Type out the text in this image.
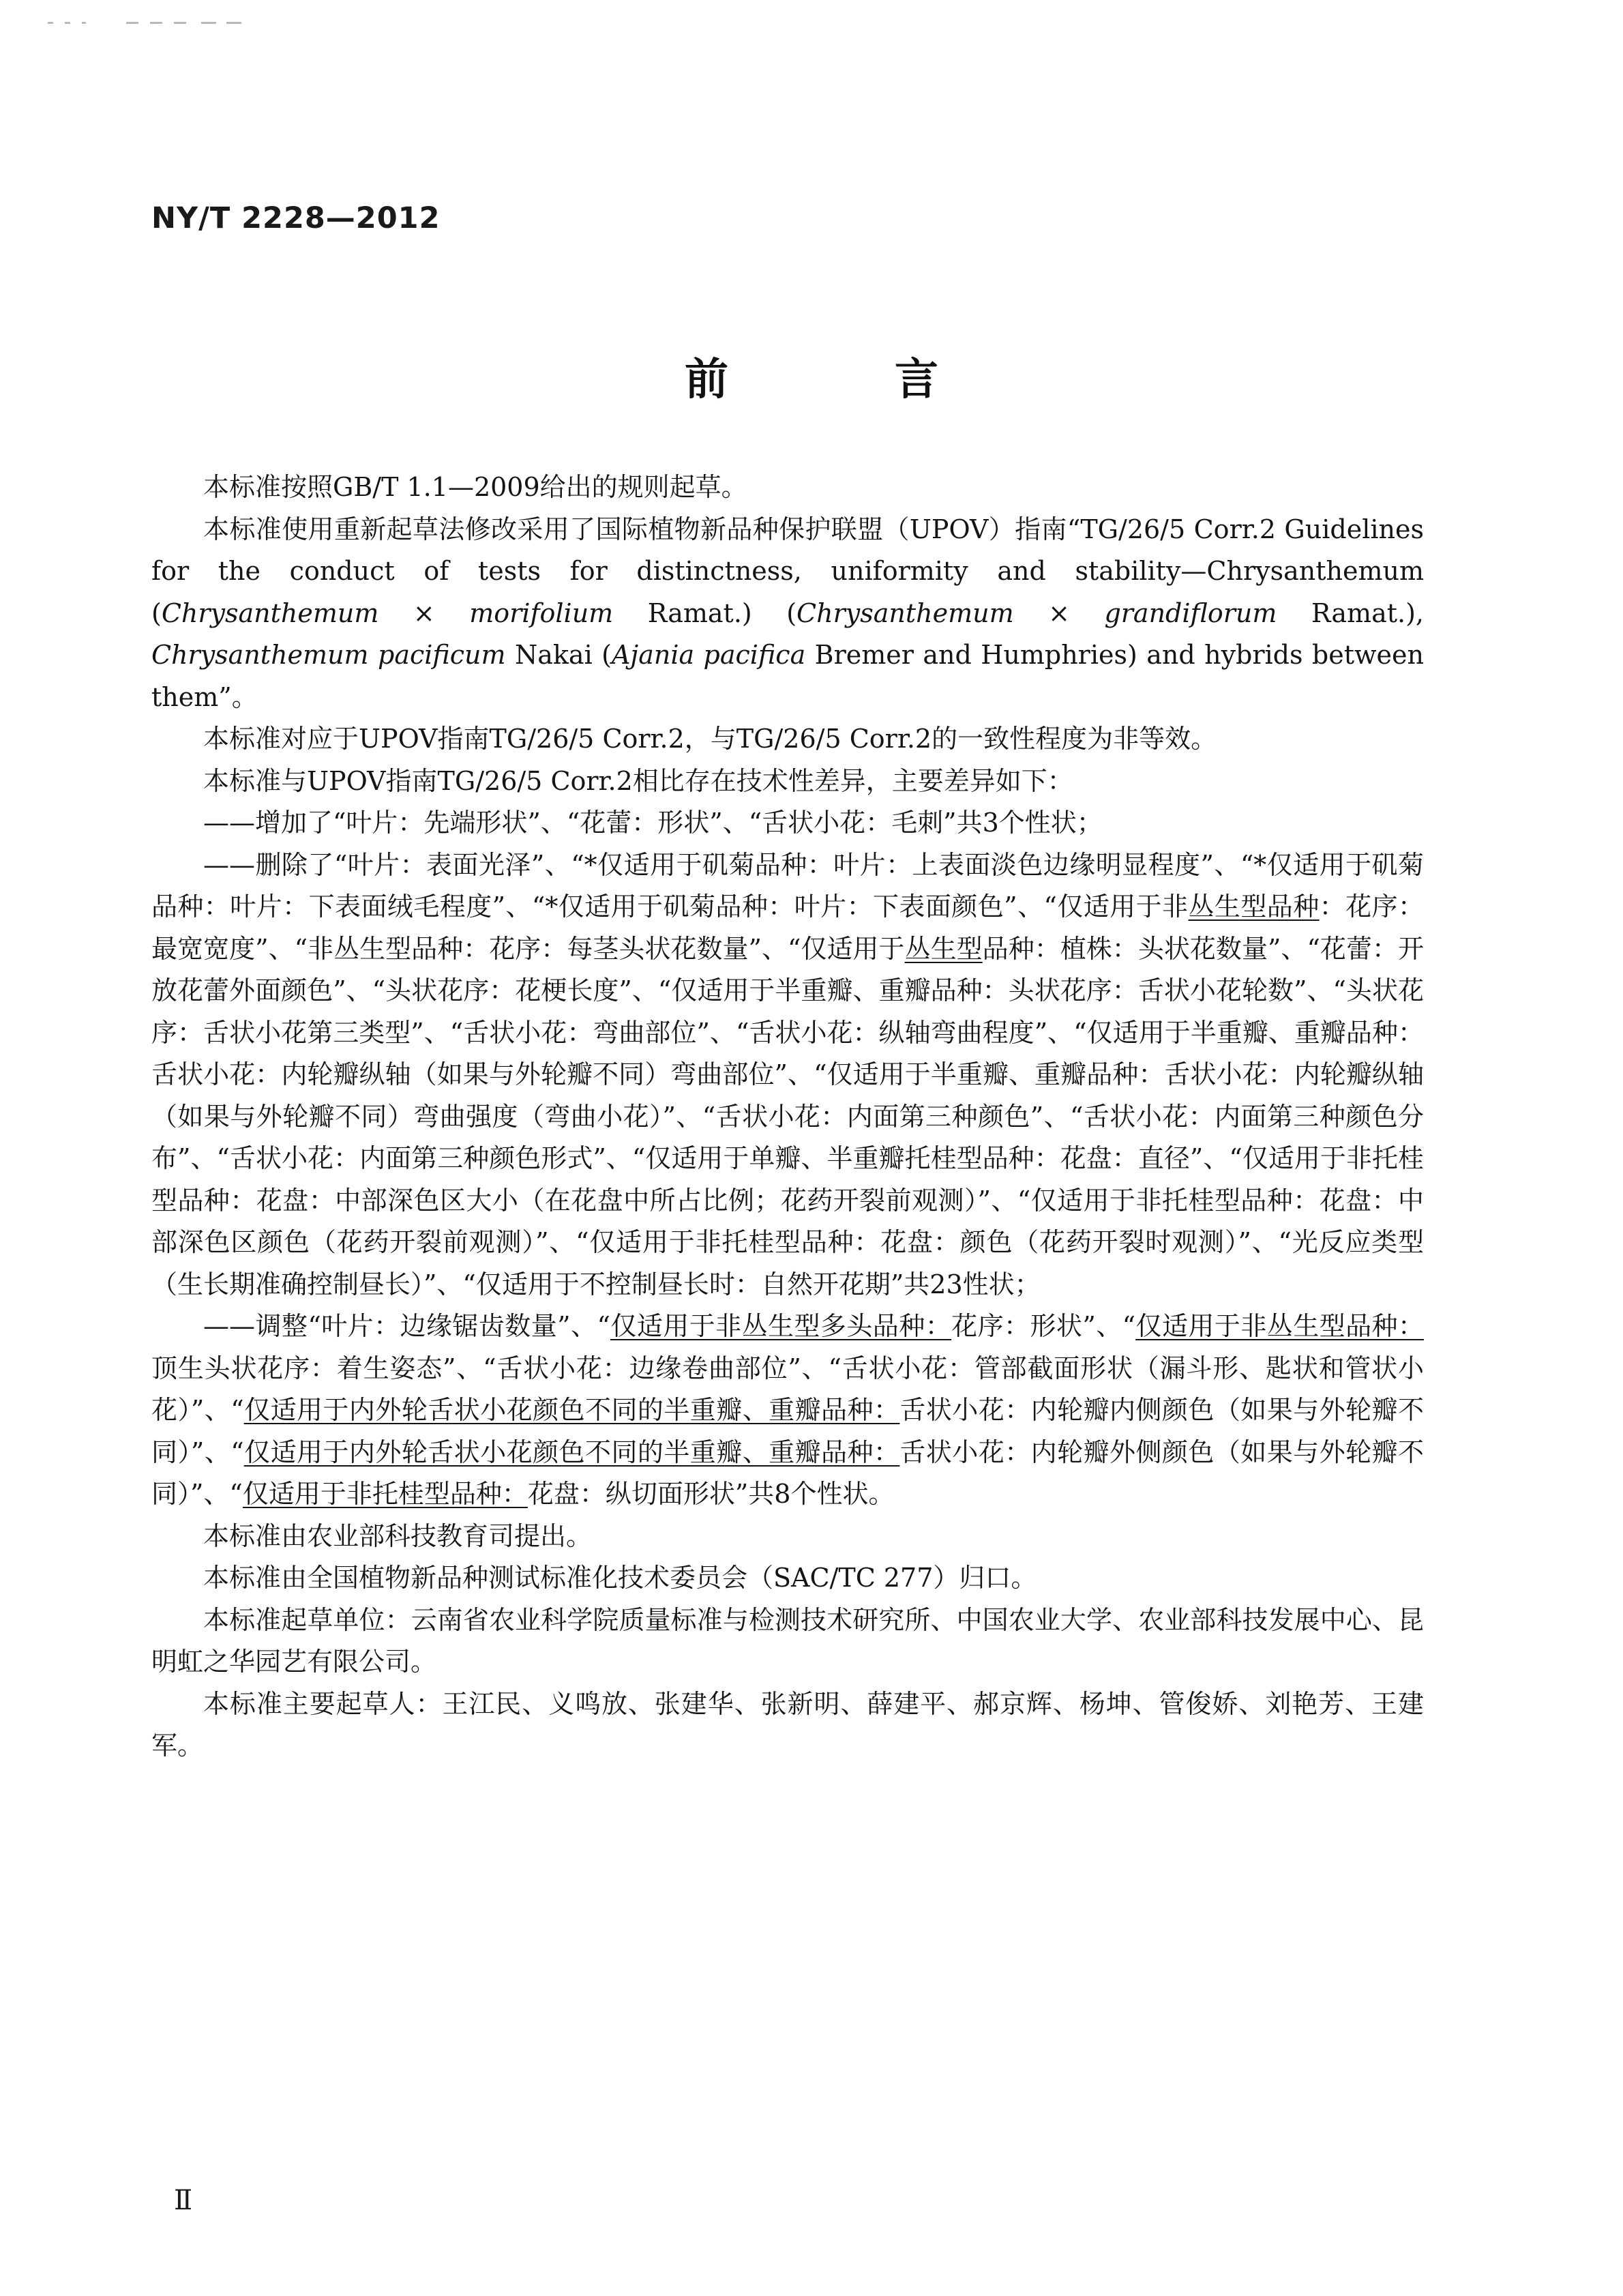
NY/T 2228—2012
前　言

本标准按照GB/T 1.1—2009给出的规则起草。

本标准使用重新起草法修改采用了国际植物新品种保护联盟（UPOV）指南“TG/26/5 Corr.2 Guidelines for the conduct of tests for distinctness, uniformity and stability—Chrysanthemum (Chrysanthemum × morifolium Ramat.) (Chrysanthemum × grandiflorum Ramat.), Chrysanthemum pacificum Nakai (Ajania pacifica Bremer and Humphries) and hybrids between them”。

本标准对应于UPOV指南TG/26/5 Corr.2，与TG/26/5 Corr.2的一致性程度为非等效。

本标准与UPOV指南TG/26/5 Corr.2相比存在技术性差异，主要差异如下：

——增加了“叶片：先端形状”、“花蕾：形状”、“舌状小花：毛刺”共3个性状；

——删除了“叶片：表面光泽”、“*仅适用于矶菊品种：叶片：上表面淡色边缘明显程度”、“*仅适用于矶菊品种：叶片：下表面绒毛程度”、“*仅适用于矶菊品种：叶片：下表面颜色”、“仅适用于非丛生型品种：花序：最宽宽度”、“非丛生型品种：花序：每茎头状花数量”、“仅适用于丛生型品种：植株：头状花数量”、“花蕾：开放花蕾外面颜色”、“头状花序：花梗长度”、“仅适用于半重瓣、重瓣品种：头状花序：舌状小花轮数”、“头状花序：舌状小花第三类型”、“舌状小花：弯曲部位”、“舌状小花：纵轴弯曲程度”、“仅适用于半重瓣、重瓣品种：舌状小花：内轮瓣纵轴（如果与外轮瓣不同）弯曲部位”、“仅适用于半重瓣、重瓣品种：舌状小花：内轮瓣纵轴（如果与外轮瓣不同）弯曲强度（弯曲小花）”、“舌状小花：内面第三种颜色”、“舌状小花：内面第三种颜色分布”、“舌状小花：内面第三种颜色形式”、“仅适用于单瓣、半重瓣托桂型品种：花盘：直径”、“仅适用于非托桂型品种：花盘：中部深色区大小（在花盘中所占比例；花药开裂前观测）”、“仅适用于非托桂型品种：花盘：中部深色区颜色（花药开裂前观测）”、“仅适用于非托桂型品种：花盘：颜色（花药开裂时观测）”、“光反应类型（生长期准确控制昼长）”、“仅适用于不控制昼长时：自然开花期”共23性状；

——调整“叶片：边缘锯齿数量”、“仅适用于非丛生型多头品种：花序：形状”、“仅适用于非丛生型品种：顶生头状花序：着生姿态”、“舌状小花：边缘卷曲部位”、“舌状小花：管部截面形状（漏斗形、匙状和管状小花）”、“仅适用于内外轮舌状小花颜色不同的半重瓣、重瓣品种：舌状小花：内轮瓣内侧颜色（如果与外轮瓣不同）”、“仅适用于内外轮舌状小花颜色不同的半重瓣、重瓣品种：舌状小花：内轮瓣外侧颜色（如果与外轮瓣不同）”、“仅适用于非托桂型品种：花盘：纵切面形状”共8个性状。

本标准由农业部科技教育司提出。

本标准由全国植物新品种测试标准化技术委员会（SAC/TC 277）归口。

本标准起草单位：云南省农业科学院质量标准与检测技术研究所、中国农业大学、农业部科技发展中心、昆明虹之华园艺有限公司。

本标准主要起草人：王江民、义鸣放、张建华、张新明、薛建平、郝京辉、杨坤、管俊娇、刘艳芳、王建军。

Ⅱ
